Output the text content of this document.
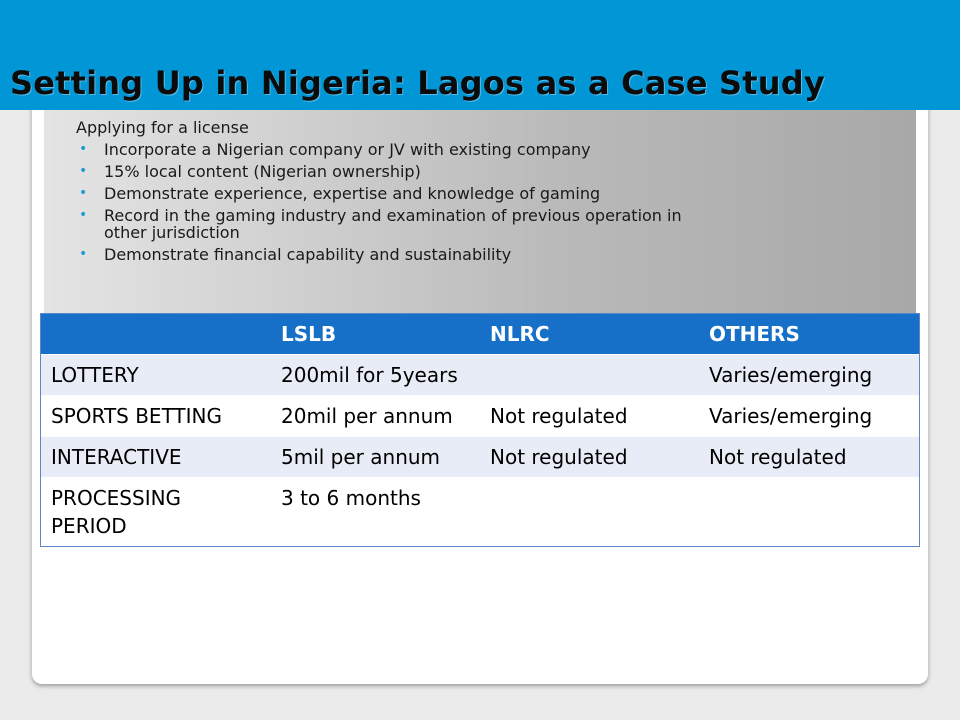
Setting Up in Nigeria: Lagos as a Case Study

Applying for a license

• Incorporate a Nigerian company or JV with existing company
• 15% local content (Nigerian ownership)
• Demonstrate experience, expertise and knowledge of gaming
• Record in the gaming industry and examination of previous operation in other jurisdiction
• Demonstrate financial capability and sustainability
	LSLB	NLRC	OTHERS
LOTTERY	200mil for 5years		Varies/emerging
SPORTS BETTING	20mil per annum	Not regulated	Varies/emerging
INTERACTIVE	5mil per annum	Not regulated	Not regulated
PROCESSING PERIOD	3 to 6 months		
